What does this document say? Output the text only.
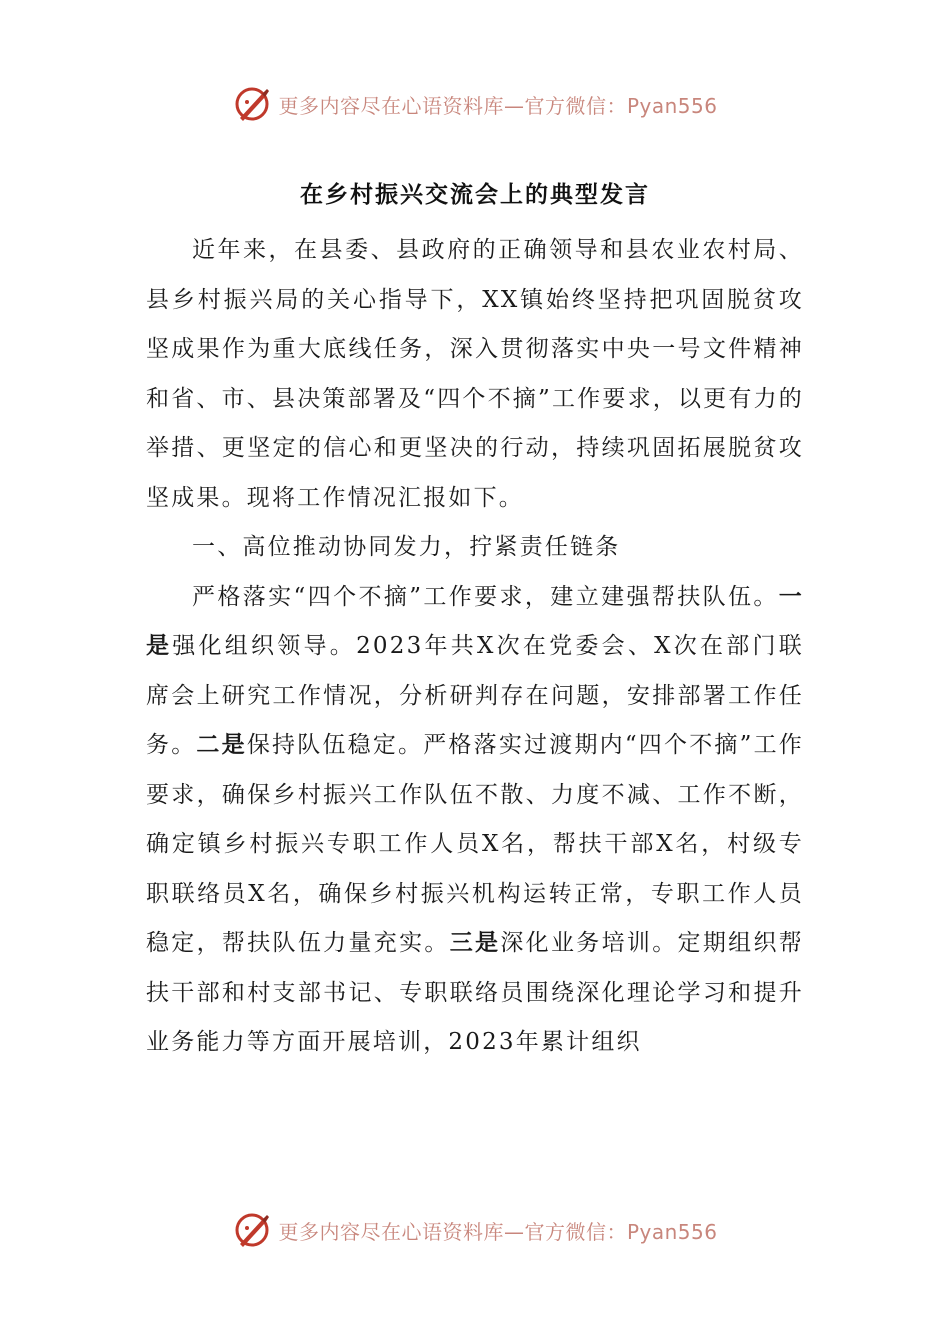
更多内容尽在心语资料库—官方微信：Pyan556
在乡村振兴交流会上的典型发言

近年来，在县委、县政府的正确领导和县农业农村局、县乡村振兴局的关心指导下，XX镇始终坚持把巩固脱贫攻坚成果作为重大底线任务，深入贯彻落实中央一号文件精神和省、市、县决策部署及“四个不摘”工作要求，以更有力的举措、更坚定的信心和更坚决的行动，持续巩固拓展脱贫攻坚成果。现将工作情况汇报如下。

一、高位推动协同发力，拧紧责任链条

严格落实“四个不摘”工作要求，建立建强帮扶队伍。一是强化组织领导。2023年共X次在党委会、X次在部门联席会上研究工作情况，分析研判存在问题，安排部署工作任务。二是保持队伍稳定。严格落实过渡期内“四个不摘”工作要求，确保乡村振兴工作队伍不散、力度不减、工作不断，确定镇乡村振兴专职工作人员X名，帮扶干部X名，村级专职联络员X名，确保乡村振兴机构运转正常，专职工作人员稳定，帮扶队伍力量充实。三是深化业务培训。定期组织帮扶干部和村支部书记、专职联络员围绕深化理论学习和提升业务能力等方面开展培训，2023年累计组织

更多内容尽在心语资料库—官方微信：Pyan556
